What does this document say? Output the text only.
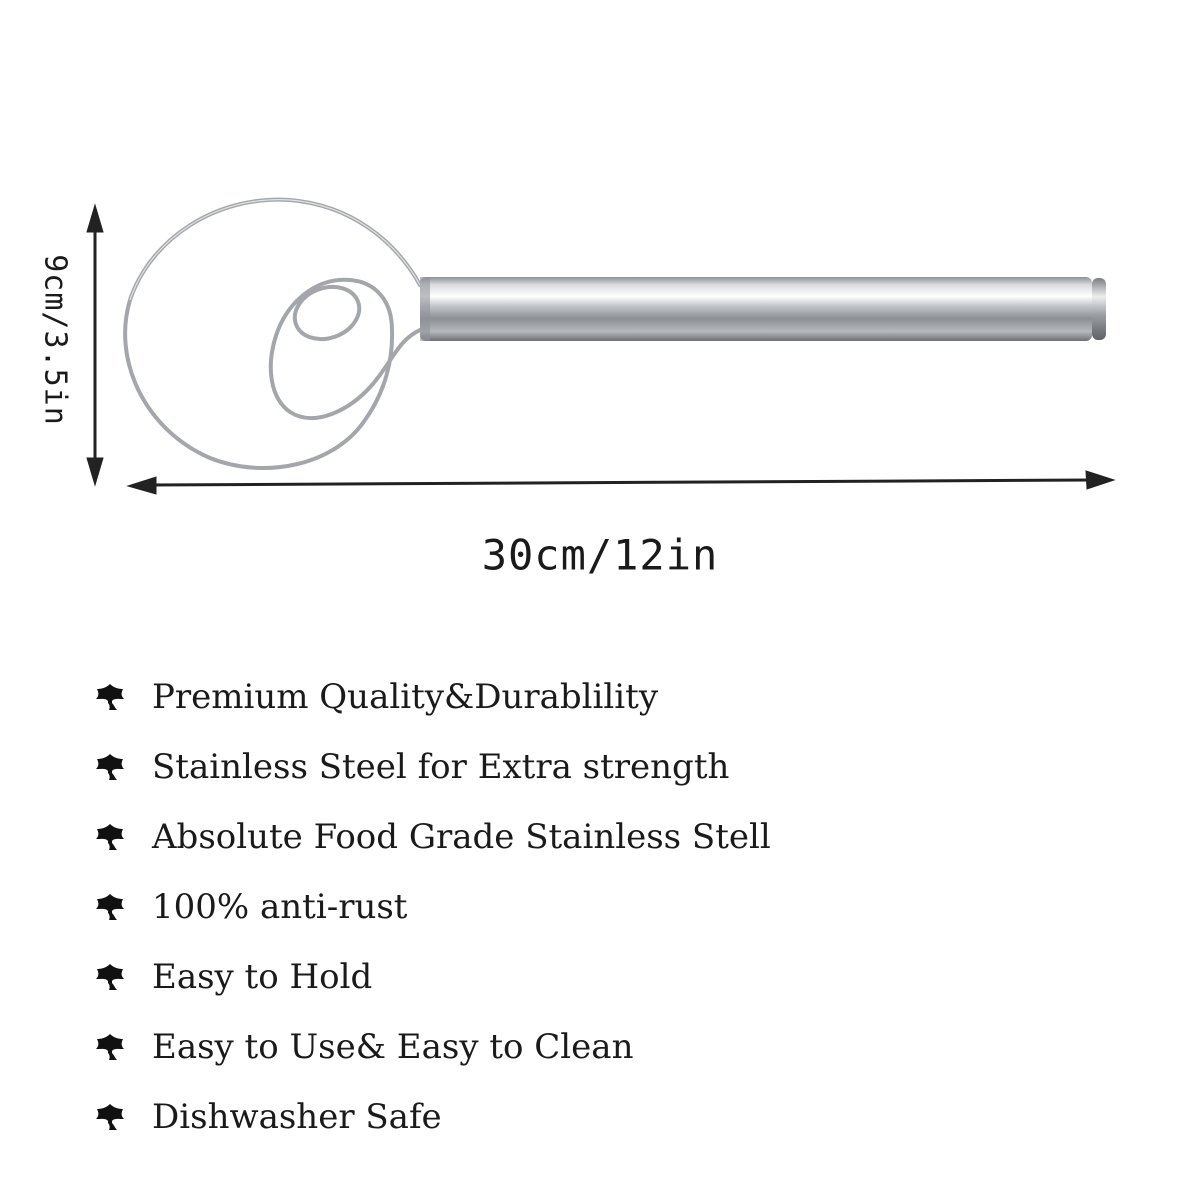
9cm/3.5in
30cm/12in
Premium Quality&Durablility
Stainless Steel for Extra strength
Absolute Food Grade Stainless Stell
100% anti-rust
Easy to Hold
Easy to Use& Easy to Clean
Dishwasher Safe
